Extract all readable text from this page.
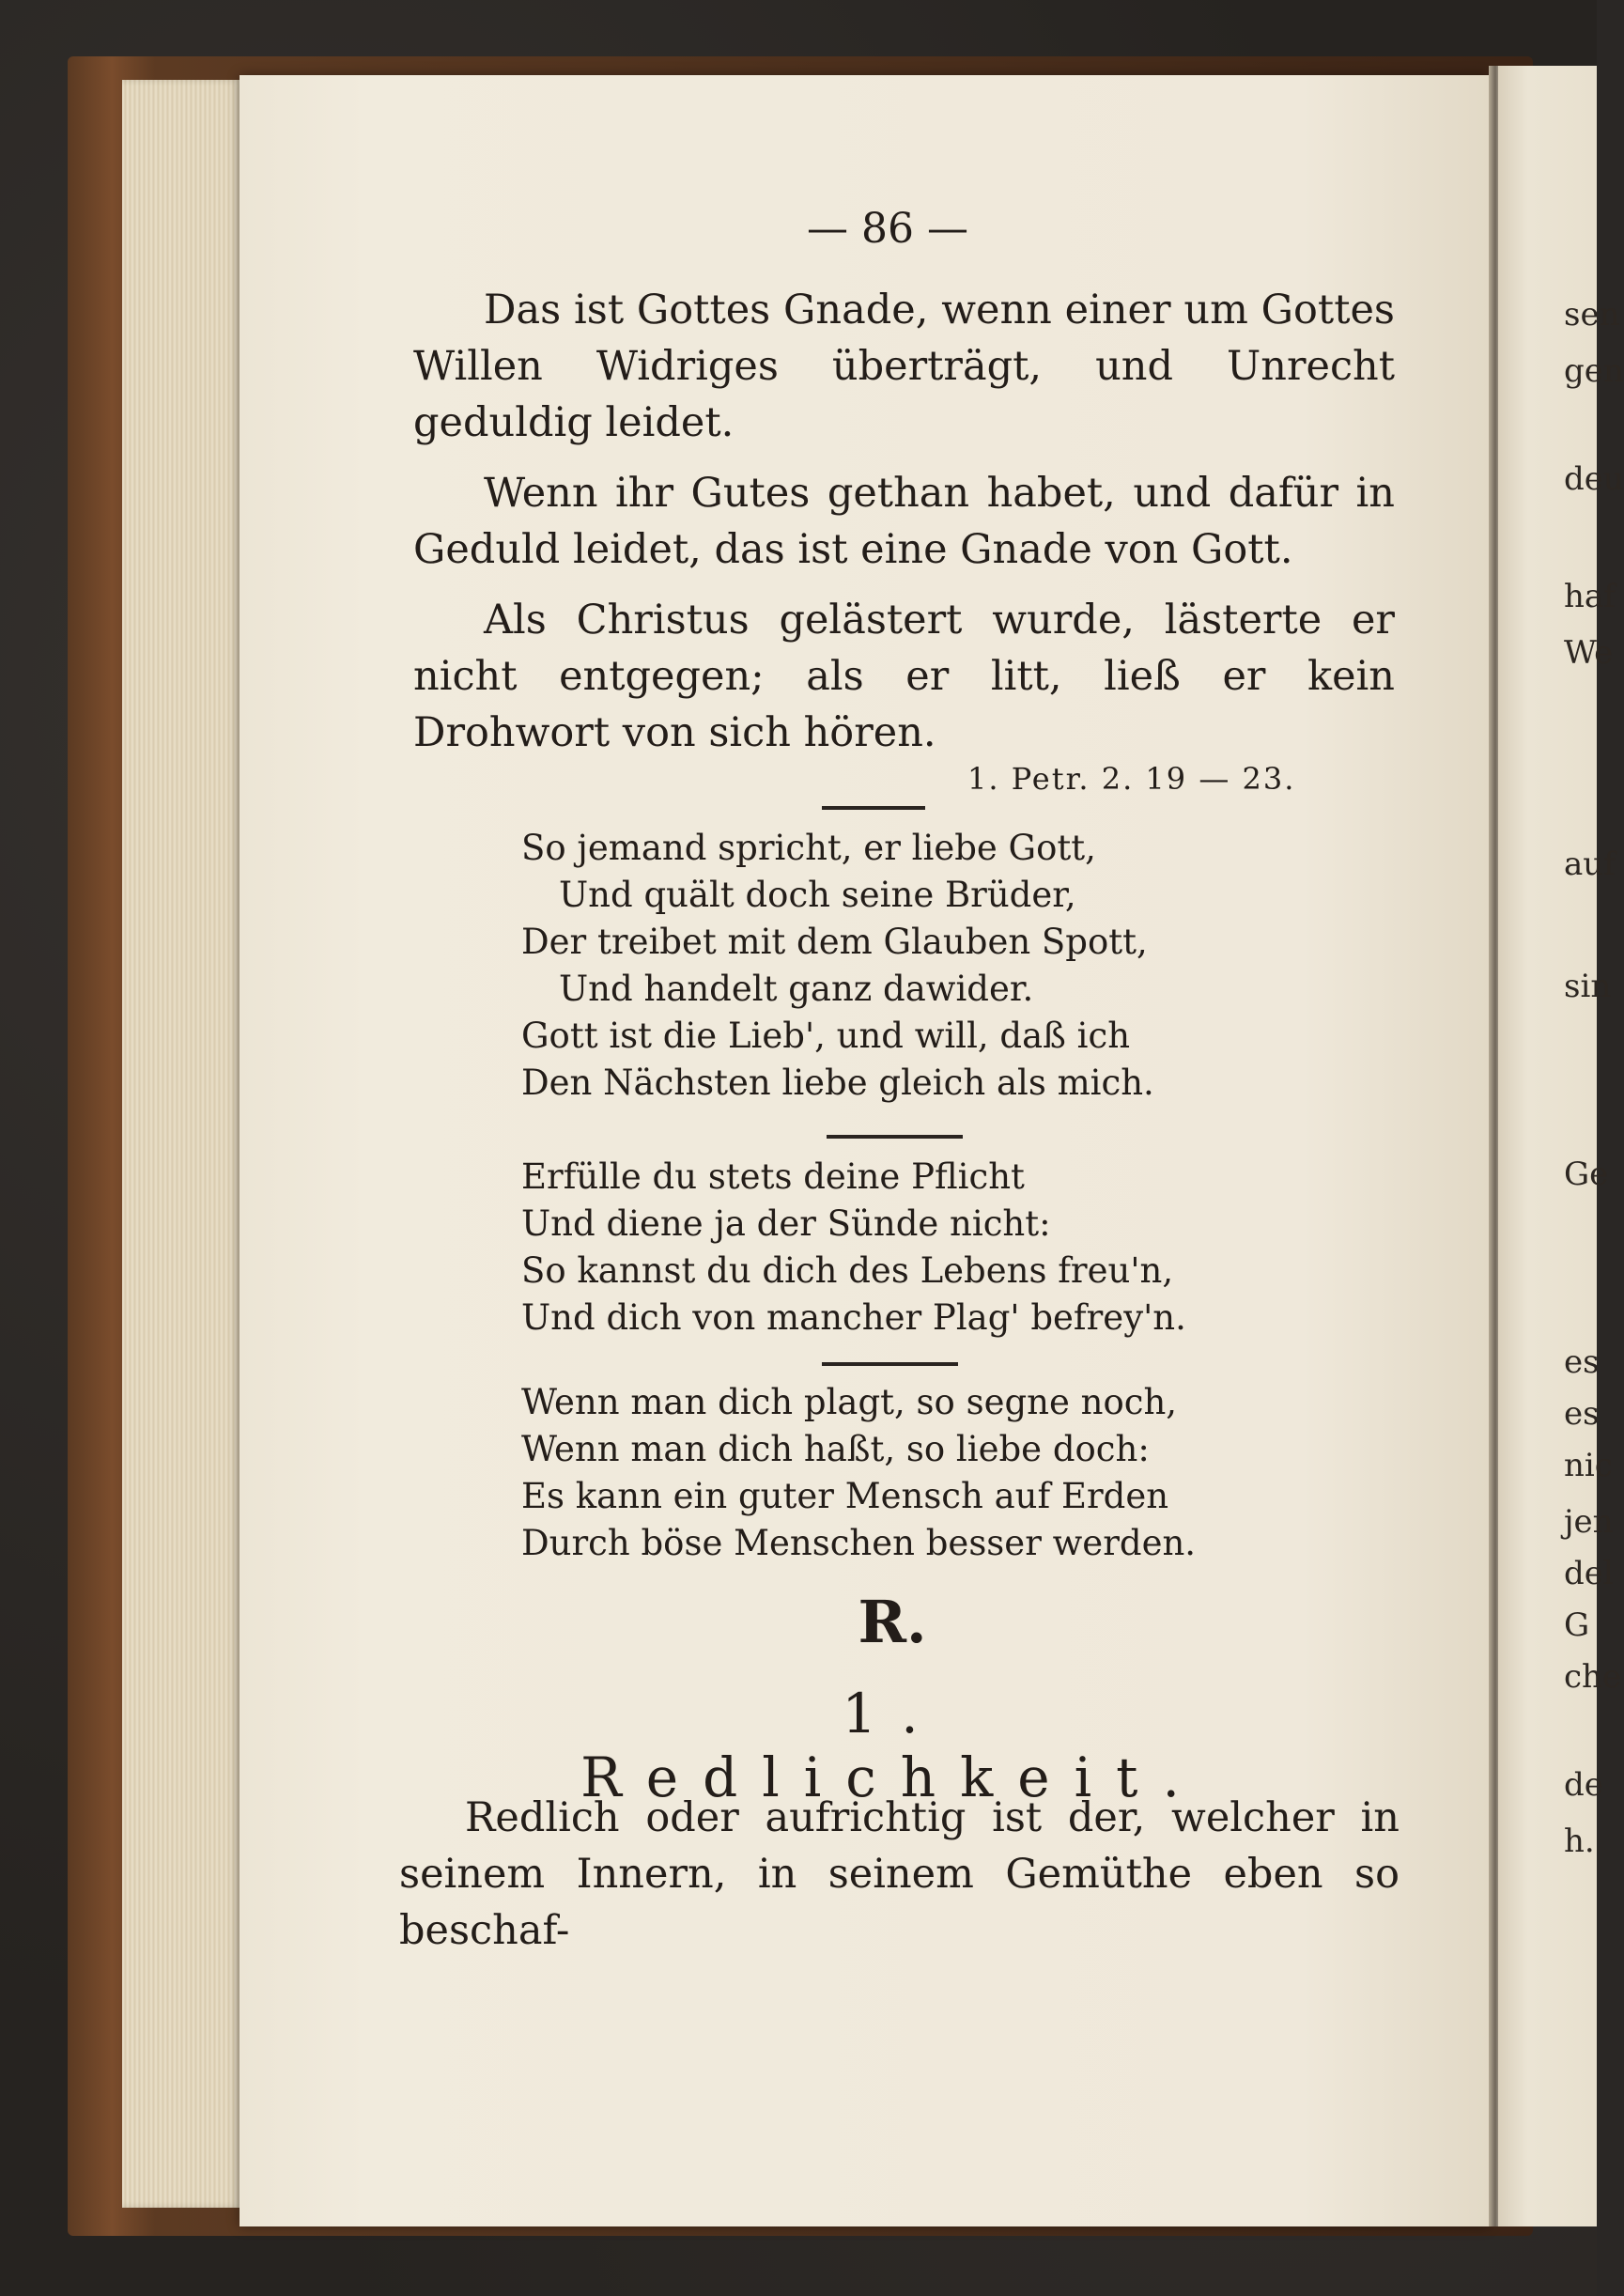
sen
gen
deu
haf
We
auf
sin
Ge
es
es
nic
jen
del
G
che
de
h.
— 86 —
Das ist Gottes Gnade, wenn einer um Gottes Willen Widriges überträgt, und Unrecht geduldig leidet.
Wenn ihr Gutes gethan habet, und dafür in Geduld leidet, das ist eine Gnade von Gott.
Als Christus gelästert wurde, lästerte er nicht entgegen; als er litt, ließ er kein Drohwort von sich hören.
1. Petr. 2. 19 — 23.
So jemand spricht, er liebe Gott,
Und quält doch seine Brüder,
Der treibet mit dem Glauben Spott,
Und handelt ganz dawider.
Gott ist die Lieb', und will, daß ich
Den Nächsten liebe gleich als mich.
Erfülle du stets deine Pflicht
Und diene ja der Sünde nicht:
So kannst du dich des Lebens freu'n,
Und dich von mancher Plag' befrey'n.
Wenn man dich plagt, so segne noch,
Wenn man dich haßt, so liebe doch:
Es kann ein guter Mensch auf Erden
Durch böse Menschen besser werden.
R.
1. Redlichkeit.
Redlich oder aufrichtig ist der, welcher in seinem Innern, in seinem Gemüthe eben so beschaf-
